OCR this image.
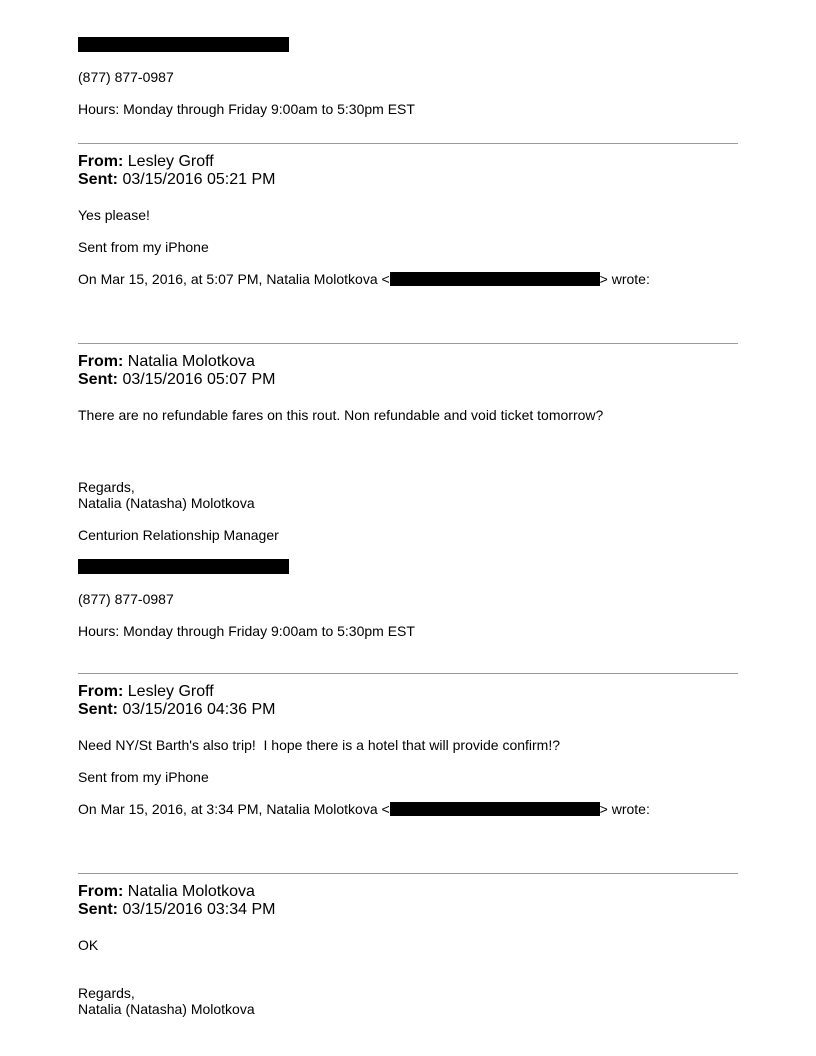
(877) 877-0987
Hours: Monday through Friday 9:00am to 5:30pm EST
From: Lesley Groff
Sent: 03/15/2016 05:21 PM
Yes please!
Sent from my iPhone
On Mar 15, 2016, at 5:07 PM, Natalia Molotkova <	> wrote:
From: Natalia Molotkova
Sent: 03/15/2016 05:07 PM
There are no refundable fares on this rout. Non refundable and void ticket tomorrow?
Regards,
Natalia (Natasha) Molotkova
Centurion Relationship Manager
(877) 877-0987
Hours: Monday through Friday 9:00am to 5:30pm EST
From: Lesley Groff
Sent: 03/15/2016 04:36 PM
Need NY/St Barth's also trip!  I hope there is a hotel that will provide confirm!?
Sent from my iPhone
On Mar 15, 2016, at 3:34 PM, Natalia Molotkova <	> wrote:
From: Natalia Molotkova
Sent: 03/15/2016 03:34 PM
OK
Regards,
Natalia (Natasha) Molotkova
